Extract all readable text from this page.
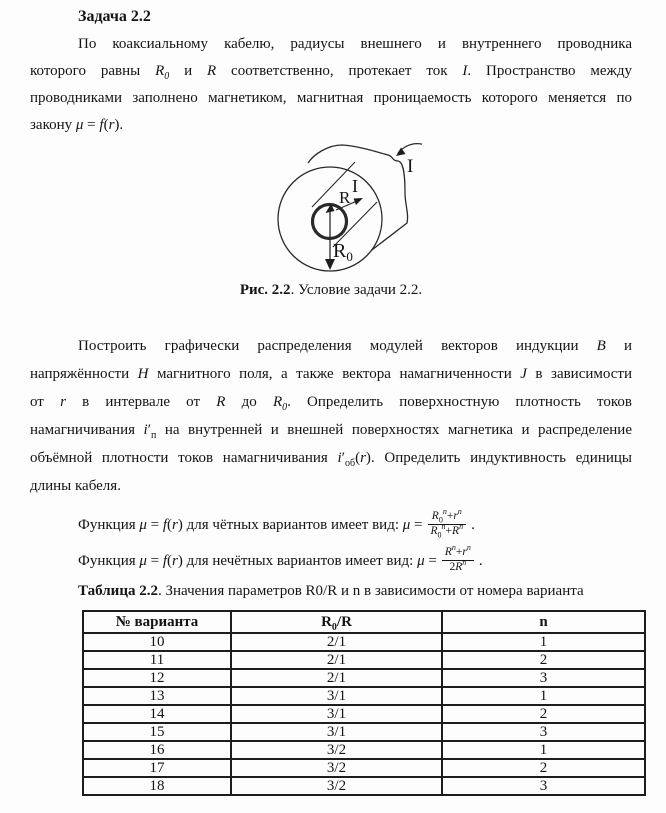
Задача 2.2
По коаксиальному кабелю, радиусы внешнего и внутреннего проводника
которого равны $R_0$ и R соответственно, протекает ток I. Пространство между
проводниками заполнено магнетиком, магнитная проницаемость которого меняется по
закону μ = f(r).
R
I
$R_0$
I
Рис. 2.2. Условие задачи 2.2.
Построить графически распределения модулей векторов индукции B и
напряжённости H магнитного поля, а также вектора намагниченности J в зависимости
от r в интервале от R до $R_0$. Определить поверхностную плотность токов
намагничивания $i'_п$ на внутренней и внешней поверхностях магнетика и распределение
объёмной плотности токов намагничивания $i'_{об}(r)$. Определить индуктивность единицы
длины кабеля.
Функция μ = f(r) для чётных вариантов имеет вид: $\mu = \frac{R_0^n+r^n}{R_0^n+R^n}$ .
Функция μ = f(r) для нечётных вариантов имеет вид: $\mu = \frac{R^n+r^n}{2R^n}$ .
Таблица 2.2. Значения параметров R0/R и n в зависимости от номера варианта
№ варианта	$R_0/R$	n
10	2/1	1
11	2/1	2
12	2/1	3
13	3/1	1
14	3/1	2
15	3/1	3
16	3/2	1
17	3/2	2
18	3/2	3
